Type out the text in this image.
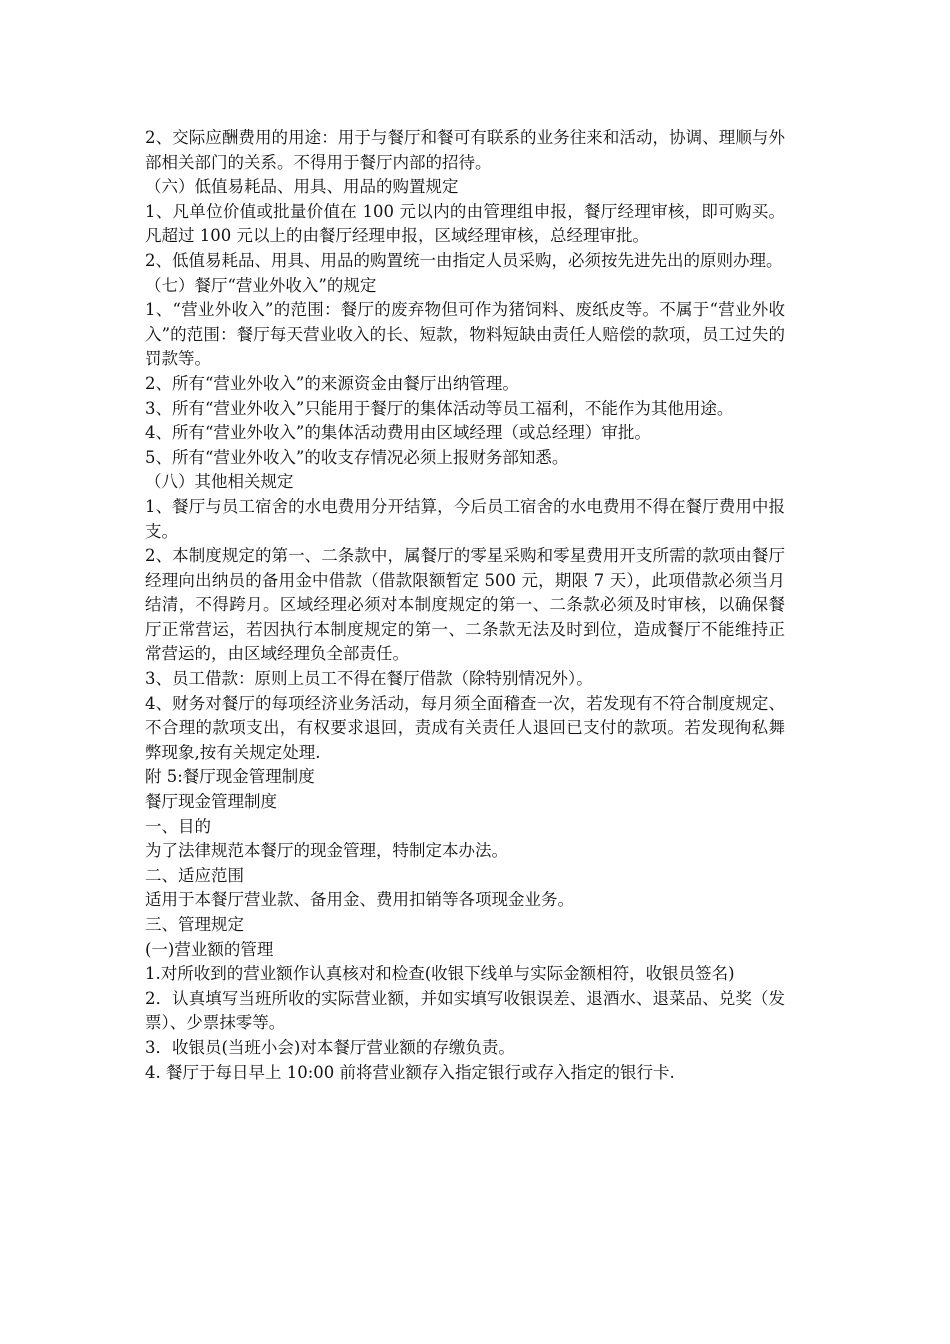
2、交际应酬费用的用途：用于与餐厅和餐可有联系的业务往来和活动，协调、理顺与外部相关部门的关系。不得用于餐厅内部的招待。

（六）低值易耗品、用具、用品的购置规定

1、凡单位价值或批量价值在 100 元以内的由管理组申报，餐厅经理审核，即可购买。凡超过 100 元以上的由餐厅经理申报，区域经理审核，总经理审批。

2、低值易耗品、用具、用品的购置统一由指定人员采购，必须按先进先出的原则办理。

（七）餐厅“营业外收入”的规定

1、“营业外收入”的范围：餐厅的废弃物但可作为猪饲料、废纸皮等。不属于“营业外收入”的范围：餐厅每天营业收入的长、短款，物料短缺由责任人赔偿的款项，员工过失的罚款等。

2、所有“营业外收入”的来源资金由餐厅出纳管理。

3、所有“营业外收入”只能用于餐厅的集体活动等员工福利，不能作为其他用途。

4、所有“营业外收入”的集体活动费用由区域经理（或总经理）审批。

5、所有“营业外收入”的收支存情况必须上报财务部知悉。

（八）其他相关规定

1、餐厅与员工宿舍的水电费用分开结算，今后员工宿舍的水电费用不得在餐厅费用中报支。

2、本制度规定的第一、二条款中，属餐厅的零星采购和零星费用开支所需的款项由餐厅经理向出纳员的备用金中借款（借款限额暂定 500 元，期限 7 天），此项借款必须当月结清，不得跨月。区域经理必须对本制度规定的第一、二条款必须及时审核，以确保餐厅正常营运，若因执行本制度规定的第一、二条款无法及时到位，造成餐厅不能维持正常营运的，由区域经理负全部责任。

3、员工借款：原则上员工不得在餐厅借款（除特别情况外）。

4、财务对餐厅的每项经济业务活动，每月须全面稽查一次，若发现有不符合制度规定、不合理的款项支出，有权要求退回，责成有关责任人退回已支付的款项。若发现徇私舞弊现象,按有关规定处理.

附 5:餐厅现金管理制度

餐厅现金管理制度

一、目的

为了法律规范本餐厅的现金管理，特制定本办法。

二、适应范围

适用于本餐厅营业款、备用金、费用扣销等各项现金业务。

三、管理规定

(一)营业额的管理

1.对所收到的营业额作认真核对和检查(收银下线单与实际金额相符，收银员签名)

2．认真填写当班所收的实际营业额，并如实填写收银误差、退酒水、退菜品、兑奖（发票）、少票抹零等。

3．收银员(当班小会)对本餐厅营业额的存缴负责。

4. 餐厅于每日早上 10:00 前将营业额存入指定银行或存入指定的银行卡.
